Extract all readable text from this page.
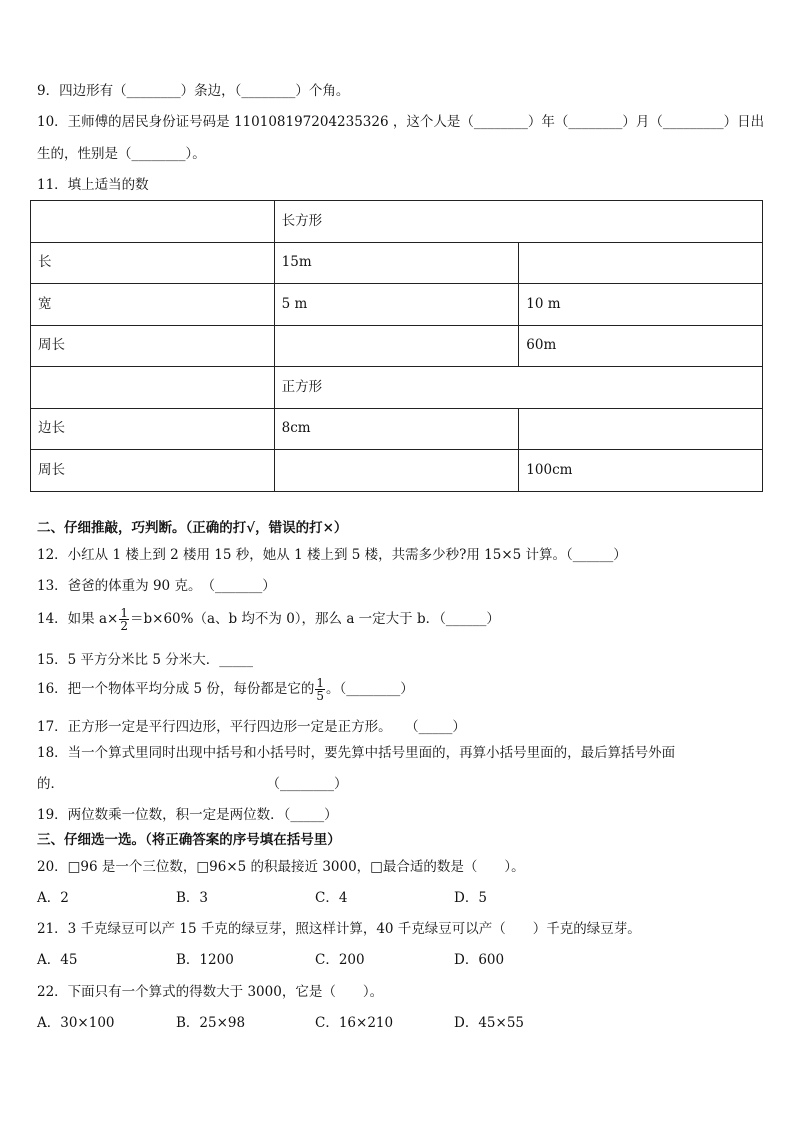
9．四边形有（________）条边，（________）个角。
10．王师傅的居民身份证号码是 110108197204235326 ，这个人是（________）年（________）月（_________）日出
生的，性别是（________）。
11．填上适当的数
	长方形	
长	15m	
宽	5 m	10 m
周长		60m
	正方形	
边长	8cm	
周长		100cm
二、仔细推敲，巧判断。（正确的打√，错误的打×）
12．小红从 1 楼上到 2 楼用 15 秒，她从 1 楼上到 5 楼，共需多少秒?用 15×5 计算。（______）
13．爸爸的体重为 90 克。　（_______）
14．如果 $a\times \frac{1}{2} =b\times 60\%(a$、b 均不为 0），那么 a 一定大于 b．（______）
15．5 平方分米比 5 分米大．_____
16．把一个物体平均分成 5 份，每份都是它的 $\frac{1}{5}$ 。（________）
17．正方形一定是平行四边形，平行四边形一定是正方形。　　（_____）
18．当一个算式里同时出现中括号和小括号时，要先算中括号里面的，再算小括号里面的，最后算括号外面
的．　　　　　　　　　　　　　　　　（________）
19．两位数乘一位数，积一定是两位数．（_____）
三、仔细选一选。（将正确答案的序号填在括号里）
20．□96 是一个三位数，□96×5 的积最接近 3000，□最合适的数是（　　）。
A．2	B．3	C．4	D．5
21．3 千克绿豆可以产 15 千克的绿豆芽，照这样计算，40 千克绿豆可以产（　　）千克的绿豆芽。
A．45	B．1200	C．200	D．600
22．下面只有一个算式的得数大于 3000，它是（　　）。
A．30×100	B．25×98	C．16×210	D．45×55
